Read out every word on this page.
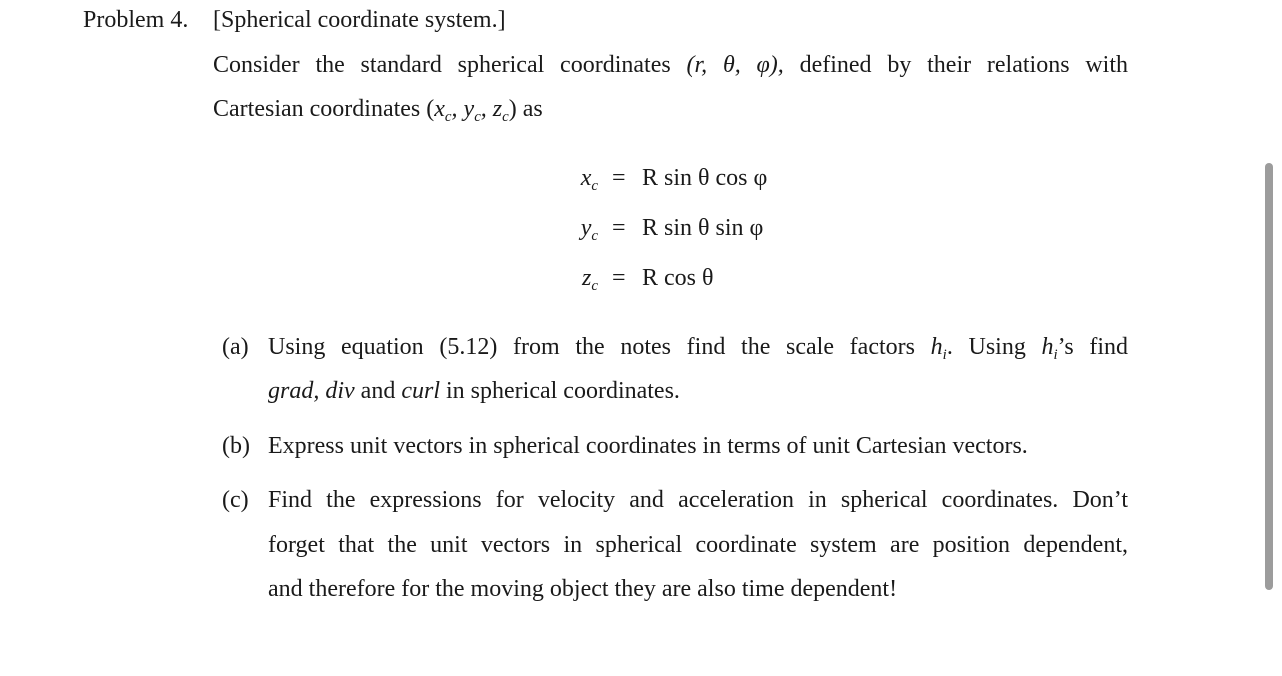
Problem 4. [Spherical coordinate system.]
Consider the standard spherical coordinates (r, θ, φ), defined by their relations with
Cartesian coordinates ($x_c$, $y_c$, $z_c$) as
$x_c = R$ sin θ cos φ
$y_c = R$ sin θ sin φ
$z_c = R$ cos θ
(a) Using equation (5.12) from the notes find the scale factors $h_i$. Using $h_i’s$ find
grad, div and curl in spherical coordinates.
(b) Express unit vectors in spherical coordinates in terms of unit Cartesian vectors.
(c) Find the expressions for velocity and acceleration in spherical coordinates. Don’t
forget that the unit vectors in spherical coordinate system are position dependent,
and therefore for the moving object they are also time dependent!
